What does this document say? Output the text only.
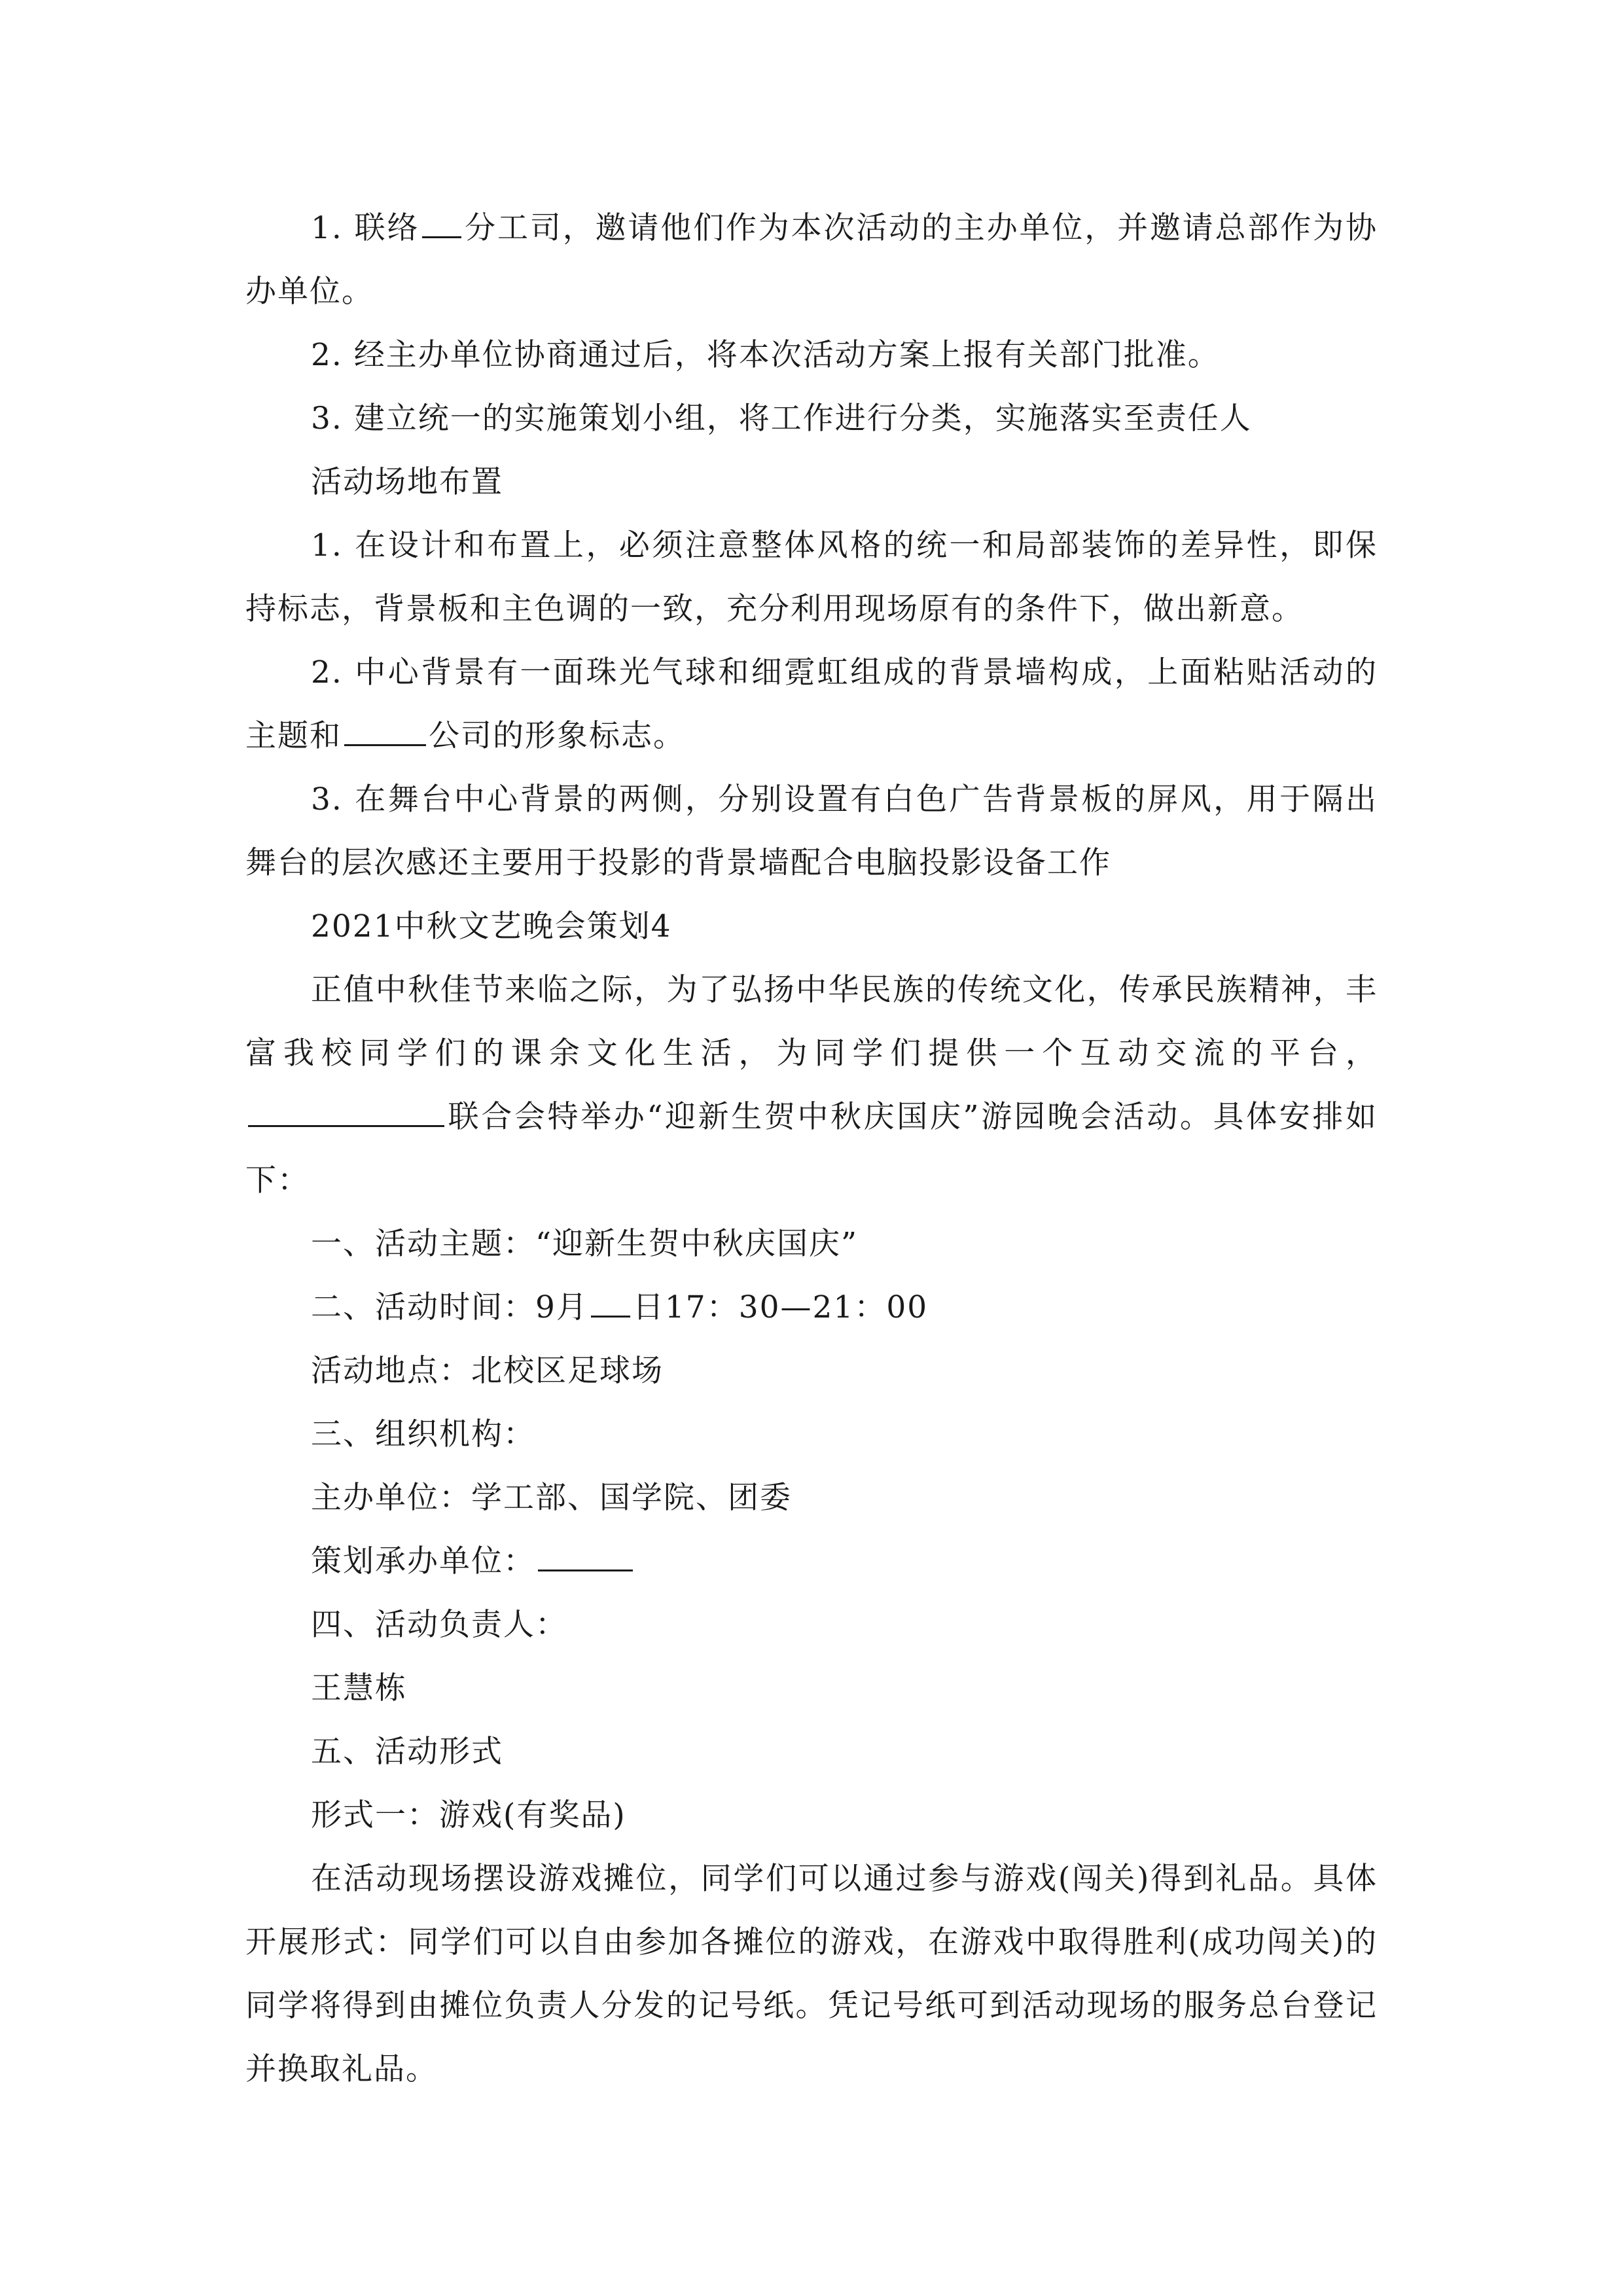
1. 联络 分工司，邀请他们作为本次活动的主办单位，并邀请总部作为协办单位。
2. 经主办单位协商通过后，将本次活动方案上报有关部门批准。
3. 建立统一的实施策划小组，将工作进行分类，实施落实至责任人
活动场地布置
1. 在设计和布置上，必须注意整体风格的统一和局部装饰的差异性，即保持标志，背景板和主色调的一致，充分利用现场原有的条件下，做出新意。
2. 中心背景有一面珠光气球和细霓虹组成的背景墙构成，上面粘贴活动的主题和	公司的形象标志。
3. 在舞台中心背景的两侧，分别设置有白色广告背景板的屏风，用于隔出舞台的层次感还主要用于投影的背景墙配合电脑投影设备工作
2021中秋文艺晚会策划4
正值中秋佳节来临之际，为了弘扬中华民族的传统文化，传承民族精神，丰富我校同学们的课余文化生活，为同学们提供一个互动交流的平台，联合会特举办“迎新生贺中秋庆国庆”游园晚会活动。具体安排如下：
一、活动主题：“迎新生贺中秋庆国庆”
二、活动时间：9月 日17：30—21：00
活动地点：北校区足球场
三、组织机构：
主办单位：学工部、国学院、团委
策划承办单位：
四、活动负责人：
王慧栋
五、活动形式
形式一：游戏(有奖品)
在活动现场摆设游戏摊位，同学们可以通过参与游戏(闯关)得到礼品。具体开展形式：同学们可以自由参加各摊位的游戏，在游戏中取得胜利(成功闯关)的同学将得到由摊位负责人分发的记号纸。凭记号纸可到活动现场的服务总台登记并换取礼品。
